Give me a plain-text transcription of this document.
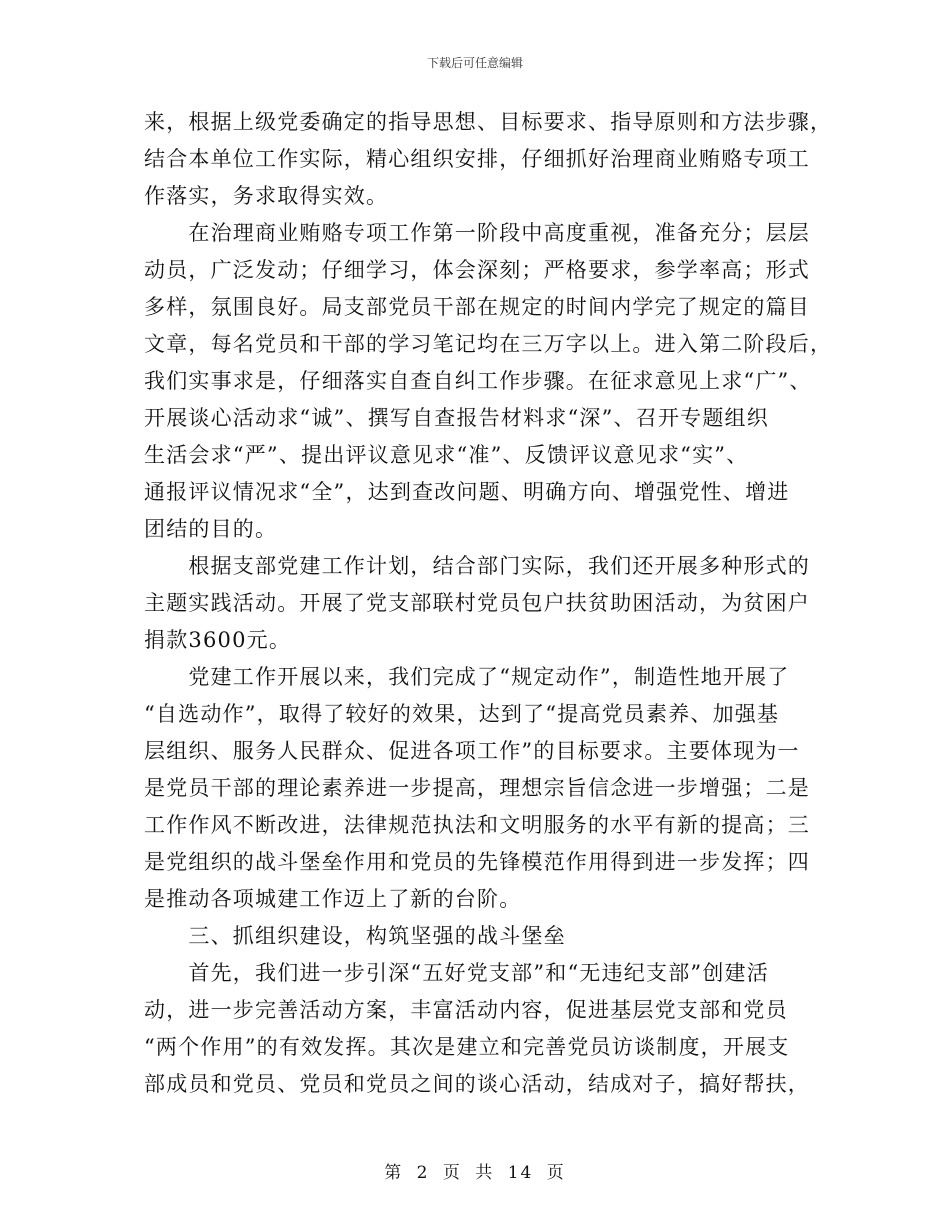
下载后可任意编辑
来，根据上级党委确定的指导思想、目标要求、指导原则和方法步骤，
结合本单位工作实际，精心组织安排，仔细抓好治理商业贿赂专项工
作落实，务求取得实效。
　　在治理商业贿赂专项工作第一阶段中高度重视，准备充分；层层
动员，广泛发动；仔细学习，体会深刻；严格要求，参学率高；形式
多样，氛围良好。局支部党员干部在规定的时间内学完了规定的篇目
文章，每名党员和干部的学习笔记均在三万字以上。进入第二阶段后，
我们实事求是，仔细落实自查自纠工作步骤。在征求意见上求“广”、
开展谈心活动求“诚”、撰写自查报告材料求“深”、召开专题组织
生活会求“严”、提出评议意见求“准”、反馈评议意见求“实”、
通报评议情况求“全”，达到查改问题、明确方向、增强党性、增进
团结的目的。
　　根据支部党建工作计划，结合部门实际，我们还开展多种形式的
主题实践活动。开展了党支部联村党员包户扶贫助困活动，为贫困户
捐款3600元。
　　党建工作开展以来，我们完成了“规定动作”，制造性地开展了
“自选动作”，取得了较好的效果，达到了“提高党员素养、加强基
层组织、服务人民群众、促进各项工作”的目标要求。主要体现为一
是党员干部的理论素养进一步提高，理想宗旨信念进一步增强；二是
工作作风不断改进，法律规范执法和文明服务的水平有新的提高；三
是党组织的战斗堡垒作用和党员的先锋模范作用得到进一步发挥；四
是推动各项城建工作迈上了新的台阶。
　　三、抓组织建设，构筑坚强的战斗堡垒
　　首先，我们进一步引深“五好党支部”和“无违纪支部”创建活
动，进一步完善活动方案，丰富活动内容，促进基层党支部和党员
“两个作用”的有效发挥。其次是建立和完善党员访谈制度，开展支
部成员和党员、党员和党员之间的谈心活动，结成对子，搞好帮扶，
第 2 页 共 14 页
